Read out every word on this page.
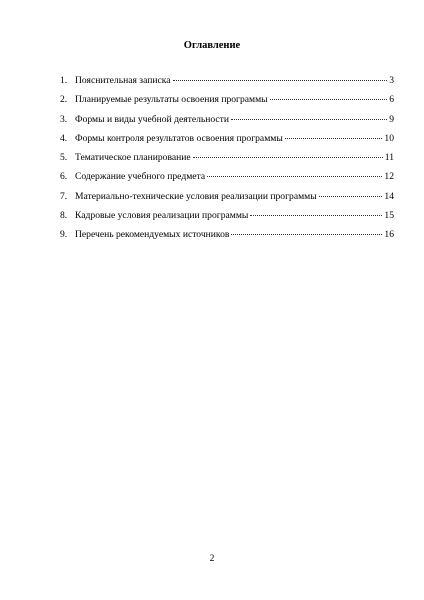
Оглавление
1. Пояснительная записка	3
2. Планируемые результаты освоения программы	6
3. Формы и виды учебной деятельности	9
4. Формы контроля результатов освоения программы	10
5. Тематическое планирование	11
6. Содержание учебного предмета	12
7. Материально-технические условия реализации программы	14
8. Кадровые условия реализации программы	15
9. Перечень рекомендуемых источников	16
2
